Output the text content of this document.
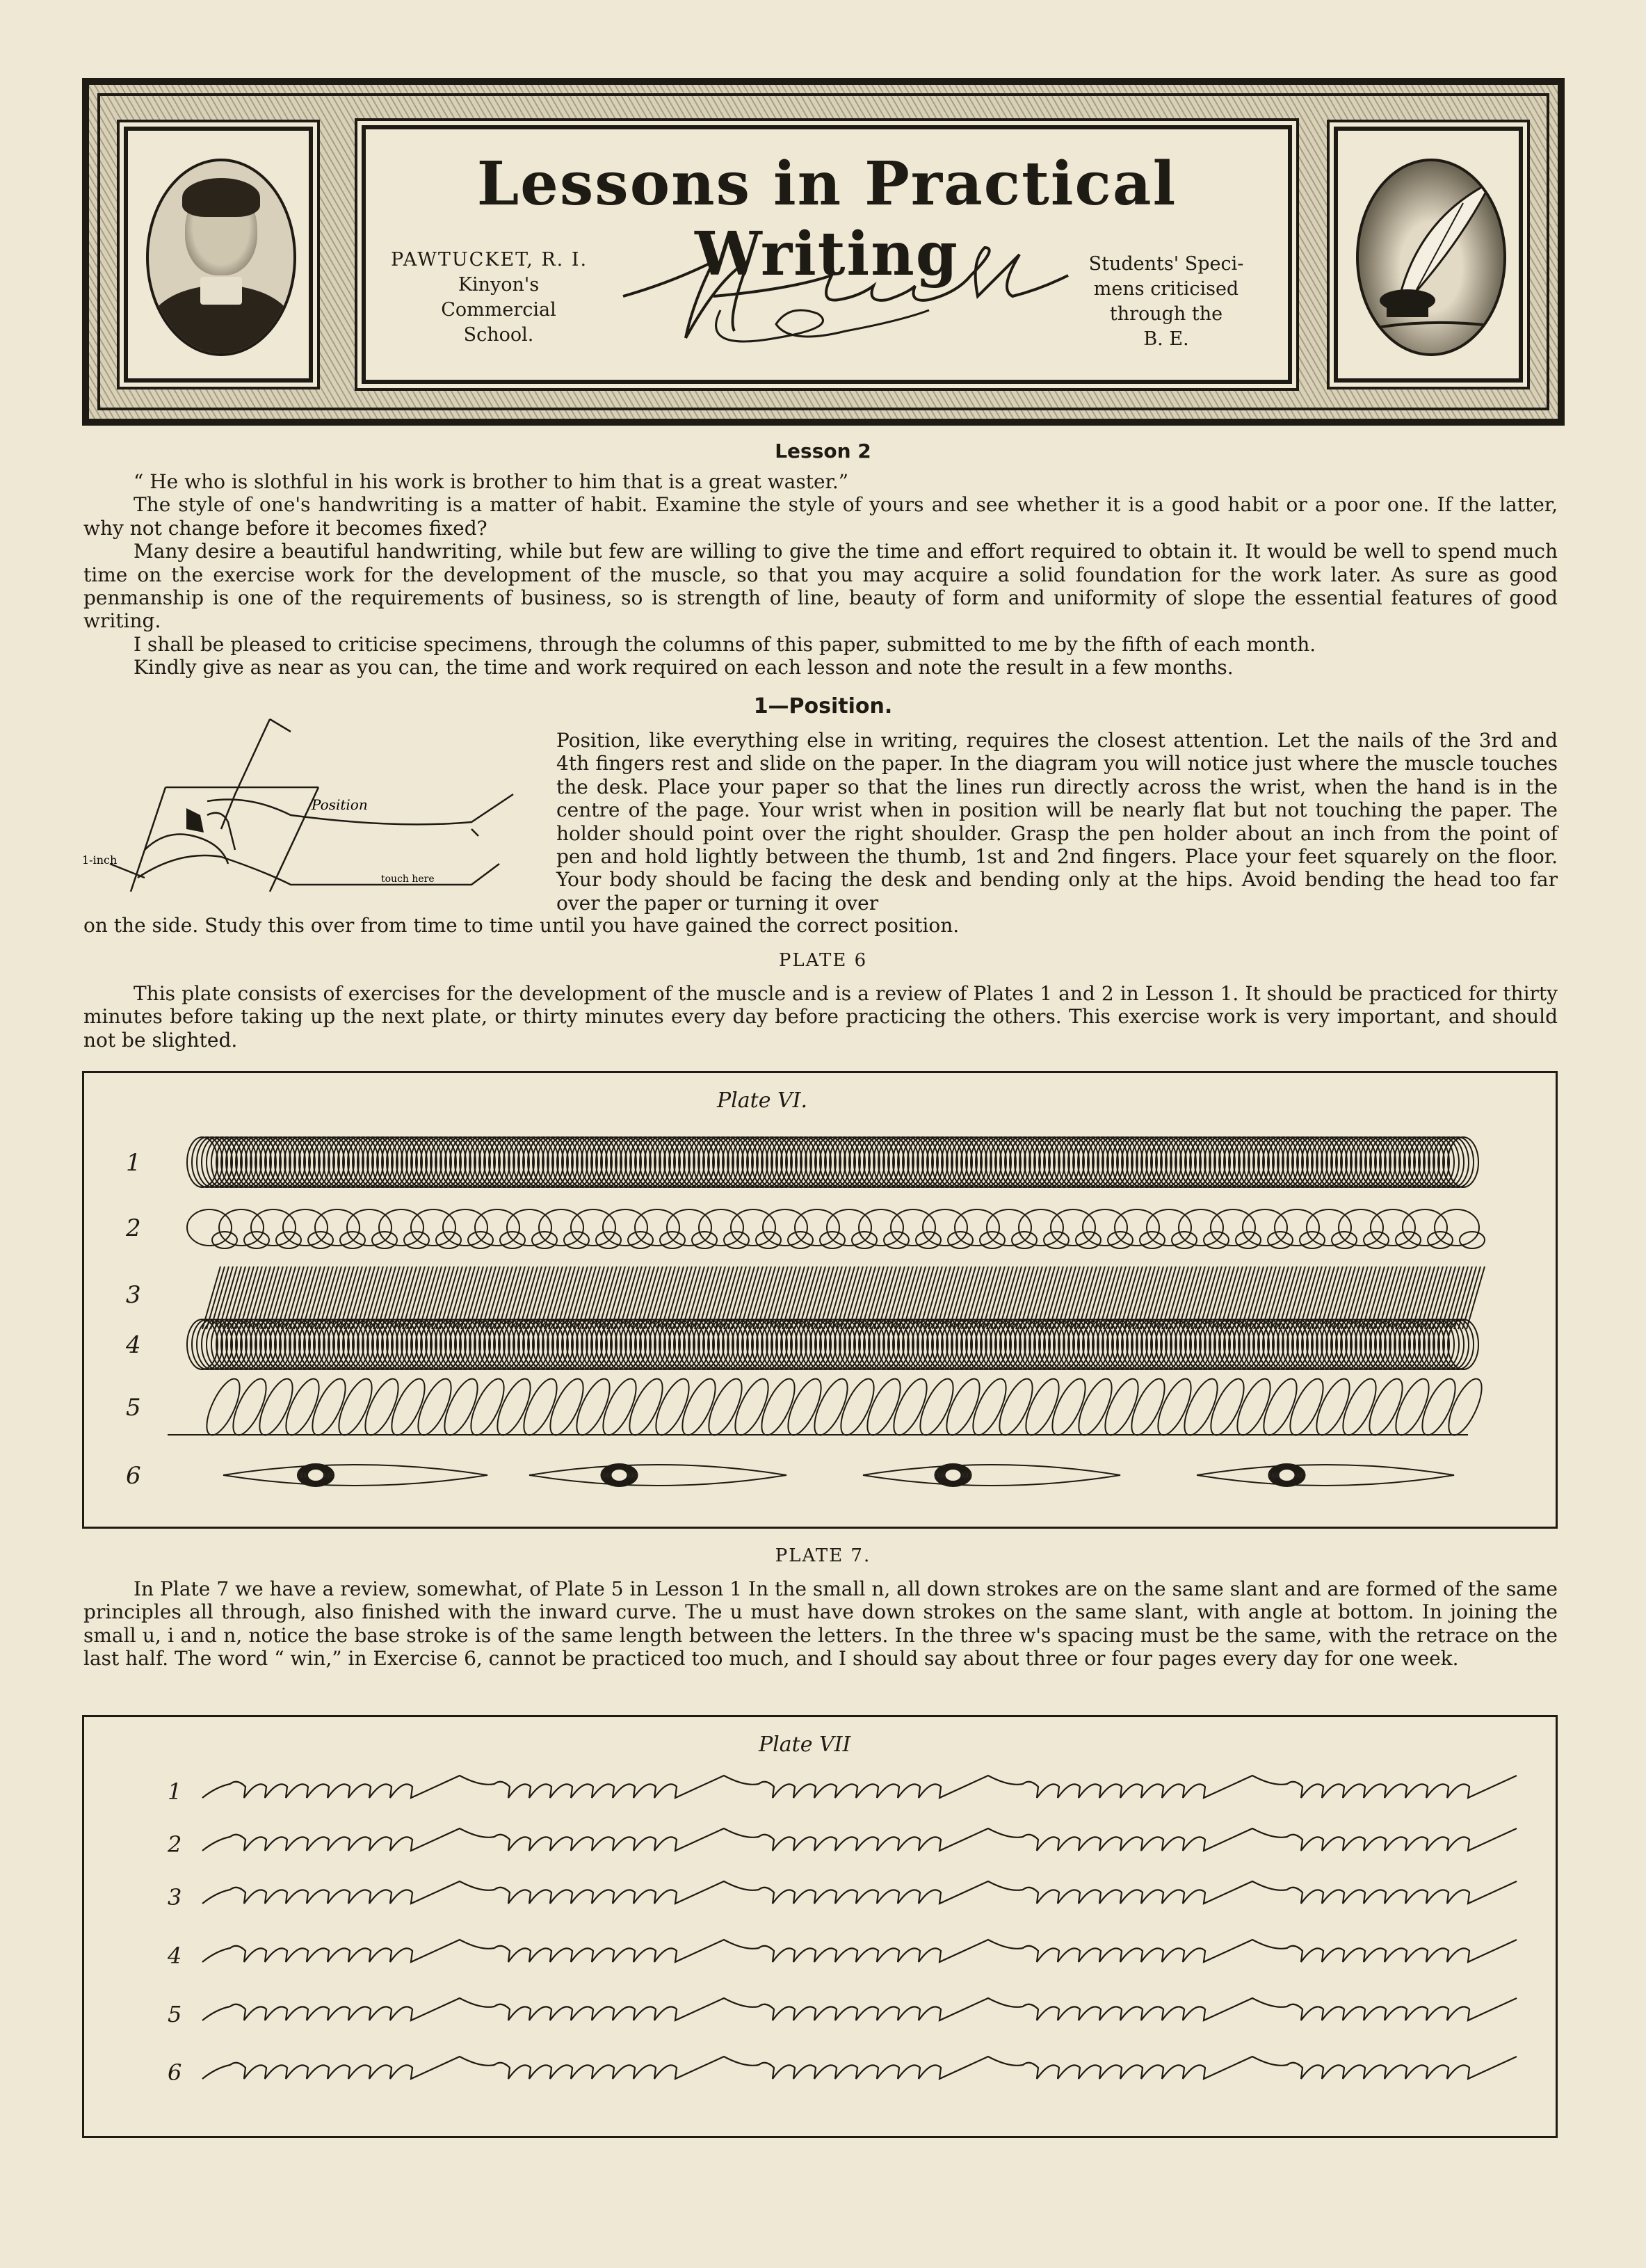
Lessons in Practical Writing
PAWTUCKET, R. I.
Kinyon's
Commercial
School.
Students' Speci-
mens criticised
through the
B. E.
Lesson 2

“ He who is slothful in his work is brother to him that is a great waster.”

The style of one's handwriting is a matter of habit. Examine the style of yours and see whether it is a good habit or a poor one. If the latter, why not change before it becomes fixed?

Many desire a beautiful handwriting, while but few are willing to give the time and effort required to obtain it. It would be well to spend much time on the exercise work for the development of the muscle, so that you may acquire a solid foundation for the work later. As sure as good penmanship is one of the requirements of business, so is strength of line, beauty of form and uniformity of slope the essential features of good writing.

I shall be pleased to criticise specimens, through the columns of this paper, submitted to me by the fifth of each month.

Kindly give as near as you can, the time and work required on each lesson and note the result in a few months.

1—Position.
Position
1-inch
touch here
Position, like everything else in writing, requires the closest attention. Let the nails of the 3rd and 4th fingers rest and slide on the paper. In the diagram you will notice just where the muscle touches the desk. Place your paper so that the lines run directly across the wrist, when the hand is in the centre of the page. Your wrist when in position will be nearly flat but not touching the paper. The holder should point over the right shoulder. Grasp the pen holder about an inch from the point of pen and hold lightly between the thumb, 1st and 2nd fingers. Place your feet squarely on the floor. Your body should be facing the desk and bending only at the hips. Avoid bending the head too far over the paper or turning it over
on the side. Study this over from time to time until you have gained the correct position.
PLATE 6

This plate consists of exercises for the development of the muscle and is a review of Plates 1 and 2 in Lesson 1. It should be practiced for thirty minutes before taking up the next plate, or thirty minutes every day before practicing the others. This exercise work is very important, and should not be slighted.

Plate VI.
1
2
3
4
5
6
PLATE 7.

In Plate 7 we have a review, somewhat, of Plate 5 in Lesson 1 In the small n, all down strokes are on the same slant and are formed of the same principles all through, also finished with the inward curve. The u must have down strokes on the same slant, with angle at bottom. In joining the small u, i and n, notice the base stroke is of the same length between the letters. In the three w's spacing must be the same, with the retrace on the last half. The word “ win,” in Exercise 6, cannot be practiced too much, and I should say about three or four pages every day for one week.

Plate VII
1
2
3
4
5
6
